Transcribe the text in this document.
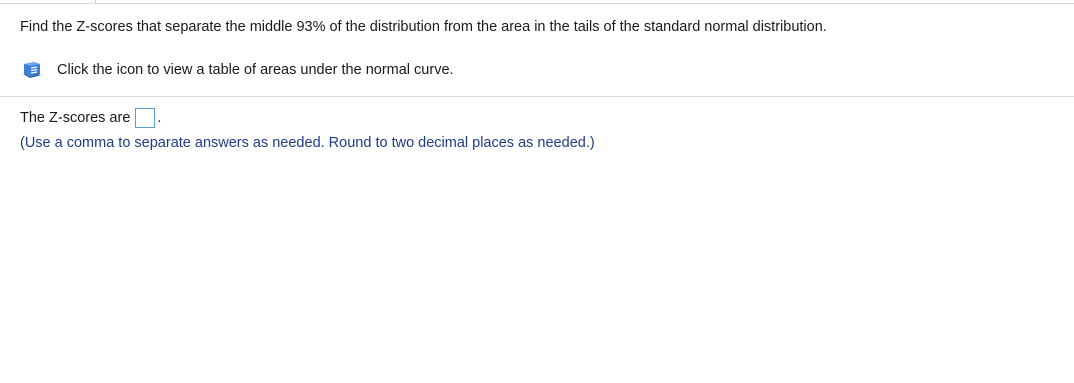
Find the Z-scores that separate the middle 93% of the distribution from the area in the tails of the standard normal distribution.
Click the icon to view a table of areas under the normal curve.
The Z-scores are .
(Use a comma to separate answers as needed. Round to two decimal places as needed.)
